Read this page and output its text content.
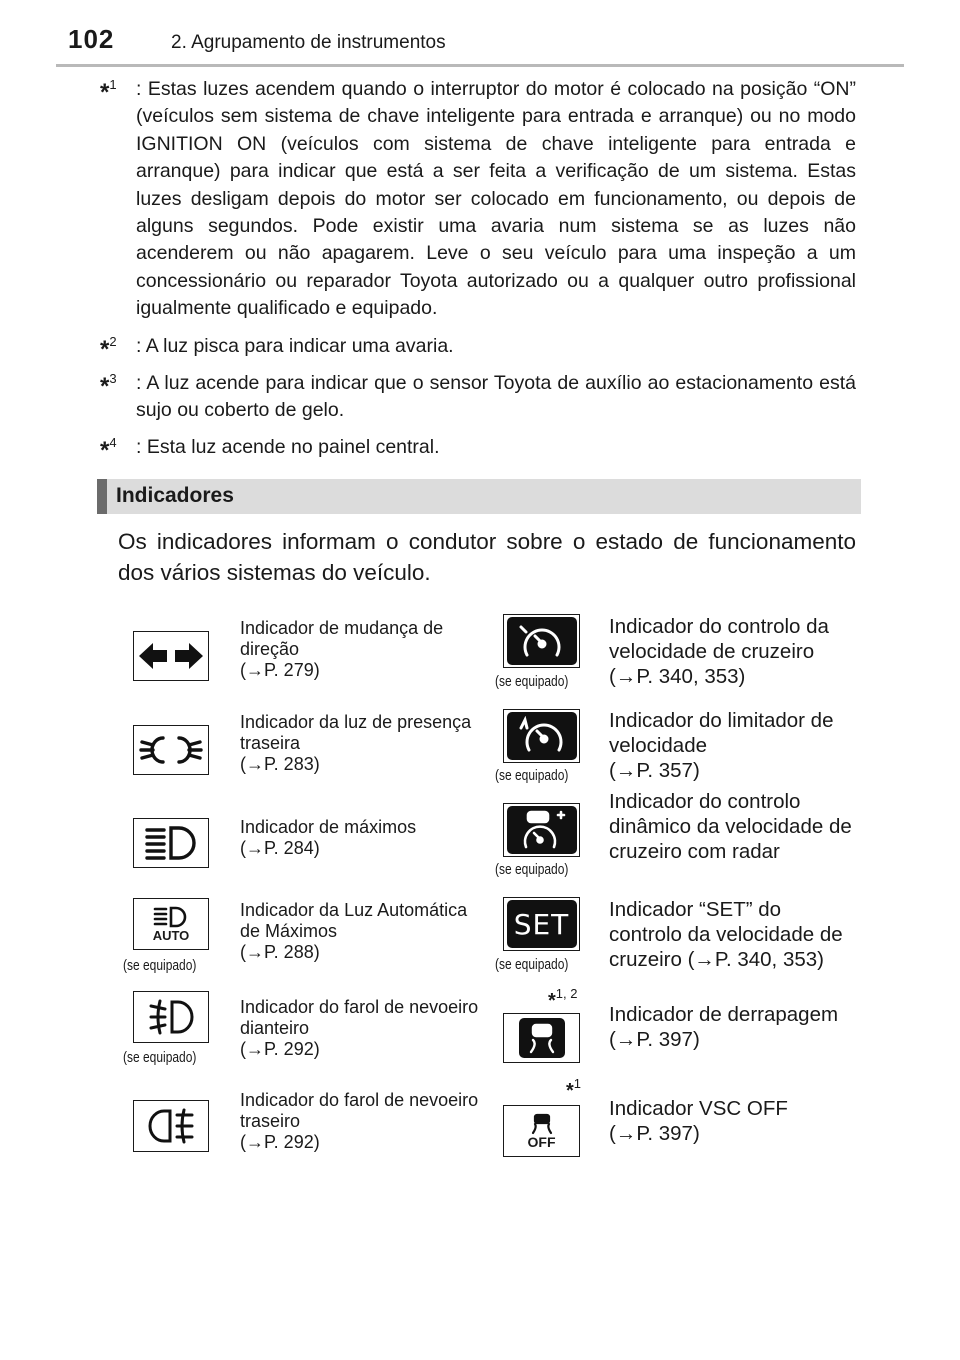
102	2. Agrupamento de instrumentos
*$^1$ : Estas luzes acendem quando o interruptor do motor é colocado na posição “ON” (veículos sem sistema de chave inteligente para entrada e arranque) ou no modo IGNITION ON (veículos com sistema de chave inteligente para entrada e arranque) para indicar que está a ser feita a verificação de um sistema. Estas luzes desligam depois do motor ser colocado em funcionamento, ou depois de alguns segundos. Pode existir uma avaria num sistema se as luzes não acenderem ou não apagarem. Leve o seu veículo para uma inspeção a um concessionário ou reparador Toyota autorizado ou a qualquer outro profissional igualmente qualificado e equipado.
*$^2$ : A luz pisca para indicar uma avaria.
*$^3$ : A luz acende para indicar que o sensor Toyota de auxílio ao estacionamento está sujo ou coberto de gelo.
*$^4$ : Esta luz acende no painel central.
Indicadores
Os indicadores informam o condutor sobre o estado de funcionamento dos vários sistemas do veículo.
Indicador de mudança de direção
(→P. 279)
Indicador da luz de presença traseira
(→P. 283)
Indicador de máximos
(→P. 284)
AUTO
(se equipado)
Indicador da Luz Automática de Máximos
(→P. 288)
(se equipado)
Indicador do farol de nevoeiro dianteiro
(→P. 292)
Indicador do farol de nevoeiro traseiro
(→P. 292)
(se equipado)
Indicador do controlo da velocidade de cruzeiro
(→P. 340, 353)
(se equipado)
Indicador do limitador de velocidade
(→P. 357)
(se equipado)
Indicador do controlo dinâmico da velocidade de cruzeiro com radar
SET
(se equipado)
Indicador “SET” do controlo da velocidade de cruzeiro (→P. 340, 353)
*1, 2
Indicador de derrapagem
(→P. 397)
*1
OFF
Indicador VSC OFF
(→P. 397)
